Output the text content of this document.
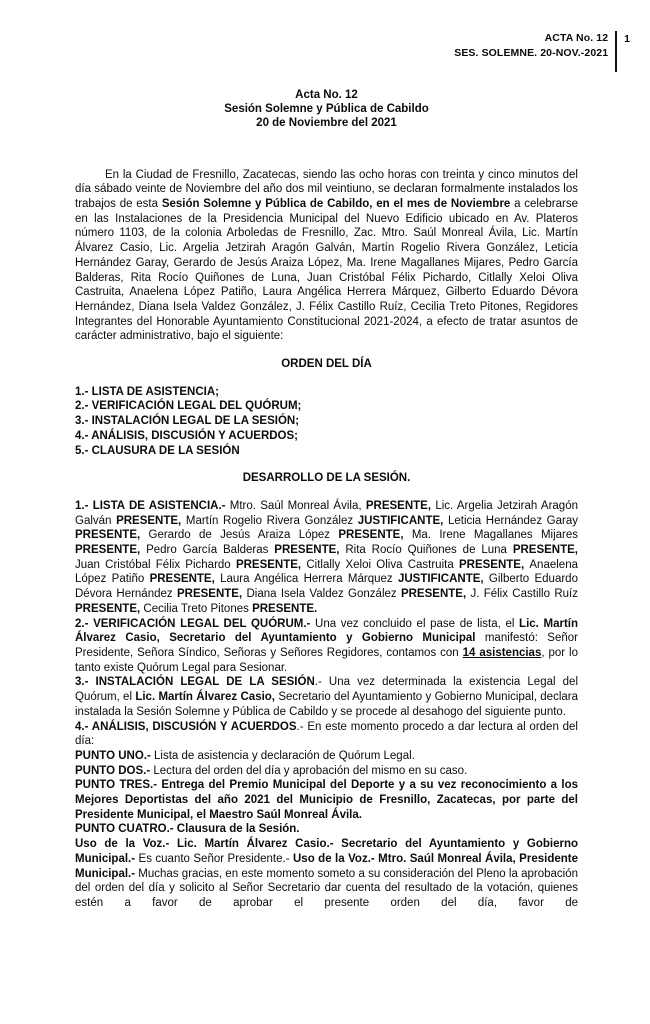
ACTA No. 12
SES. SOLEMNE. 20-NOV.-2021
1
Acta No. 12
Sesión Solemne y Pública de Cabildo
20 de Noviembre del 2021

En la Ciudad de Fresnillo, Zacatecas, siendo las ocho horas con treinta y cinco minutos del día sábado veinte de Noviembre del año dos mil veintiuno, se declaran formalmente instalados los trabajos de esta Sesión Solemne y Pública de Cabildo, en el mes de Noviembre a celebrarse en las Instalaciones de la Presidencia Municipal del Nuevo Edificio ubicado en Av. Plateros número 1103, de la colonia Arboledas de Fresnillo, Zac. Mtro. Saúl Monreal Ávila, Lic. Martín Álvarez Casio, Lic. Argelia Jetzirah Aragón Galván, Martín Rogelio Rivera González, Leticia Hernández Garay, Gerardo de Jesús Araiza López, Ma. Irene Magallanes Mijares, Pedro García Balderas, Rita Rocío Quiñones de Luna, Juan Cristóbal Félix Pichardo, Citlally Xeloi Oliva Castruita, Anaelena López Patiño, Laura Angélica Herrera Márquez, Gilberto Eduardo Dévora Hernández, Diana Isela Valdez González, J. Félix Castillo Ruíz, Cecilia Treto Pitones, Regidores Integrantes del Honorable Ayuntamiento Constitucional 2021-2024, a efecto de tratar asuntos de carácter administrativo, bajo el siguiente:

ORDEN DEL DÍA
1.- LISTA DE ASISTENCIA;
2.- VERIFICACIÓN LEGAL DEL QUÓRUM;
3.- INSTALACIÓN LEGAL DE LA SESIÓN;
4.- ANÁLISIS, DISCUSIÓN Y ACUERDOS;
5.- CLAUSURA DE LA SESIÓN
DESARROLLO DE LA SESIÓN.

1.- LISTA DE ASISTENCIA.- Mtro. Saúl Monreal Ávila, PRESENTE, Lic. Argelia Jetzirah Aragón Galván PRESENTE, Martín Rogelio Rivera González JUSTIFICANTE, Leticia Hernández Garay PRESENTE, Gerardo de Jesús Araiza López PRESENTE, Ma. Irene Magallanes Mijares PRESENTE, Pedro García Balderas PRESENTE, Rita Rocío Quiñones de Luna PRESENTE, Juan Cristóbal Félix Pichardo PRESENTE, Citlally Xeloi Oliva Castruita PRESENTE, Anaelena López Patiño PRESENTE, Laura Angélica Herrera Márquez JUSTIFICANTE, Gilberto Eduardo Dévora Hernández PRESENTE, Diana Isela Valdez González PRESENTE, J. Félix Castillo Ruíz PRESENTE, Cecilia Treto Pitones PRESENTE.

2.- VERIFICACIÓN LEGAL DEL QUÓRUM.- Una vez concluido el pase de lista, el Lic. Martín Álvarez Casio, Secretario del Ayuntamiento y Gobierno Municipal manifestó: Señor Presidente, Señora Síndico, Señoras y Señores Regidores, contamos con 14 asistencias, por lo tanto existe Quórum Legal para Sesionar.

3.- INSTALACIÓN LEGAL DE LA SESIÓN.- Una vez determinada la existencia Legal del Quórum, el Lic. Martín Álvarez Casio, Secretario del Ayuntamiento y Gobierno Municipal, declara instalada la Sesión Solemne y Pública de Cabildo y se procede al desahogo del siguiente punto.

4.- ANÁLISIS, DISCUSIÓN Y ACUERDOS.- En este momento procedo a dar lectura al orden del día:

PUNTO UNO.- Lista de asistencia y declaración de Quórum Legal.

PUNTO DOS.- Lectura del orden del día y aprobación del mismo en su caso.

PUNTO TRES.- Entrega del Premio Municipal del Deporte y a su vez reconocimiento a los Mejores Deportistas del año 2021 del Municipio de Fresnillo, Zacatecas, por parte del Presidente Municipal, el Maestro Saúl Monreal Ávila.

PUNTO CUATRO.- Clausura de la Sesión.

Uso de la Voz.- Lic. Martín Álvarez Casio.- Secretario del Ayuntamiento y Gobierno Municipal.- Es cuanto Señor Presidente.- Uso de la Voz.- Mtro. Saúl Monreal Ávila, Presidente Municipal.- Muchas gracias, en este momento someto a su consideración del Pleno la aprobación del orden del día y solicito al Señor Secretario dar cuenta del resultado de la votación, quienes estén a favor de aprobar el presente orden del día, favor de
